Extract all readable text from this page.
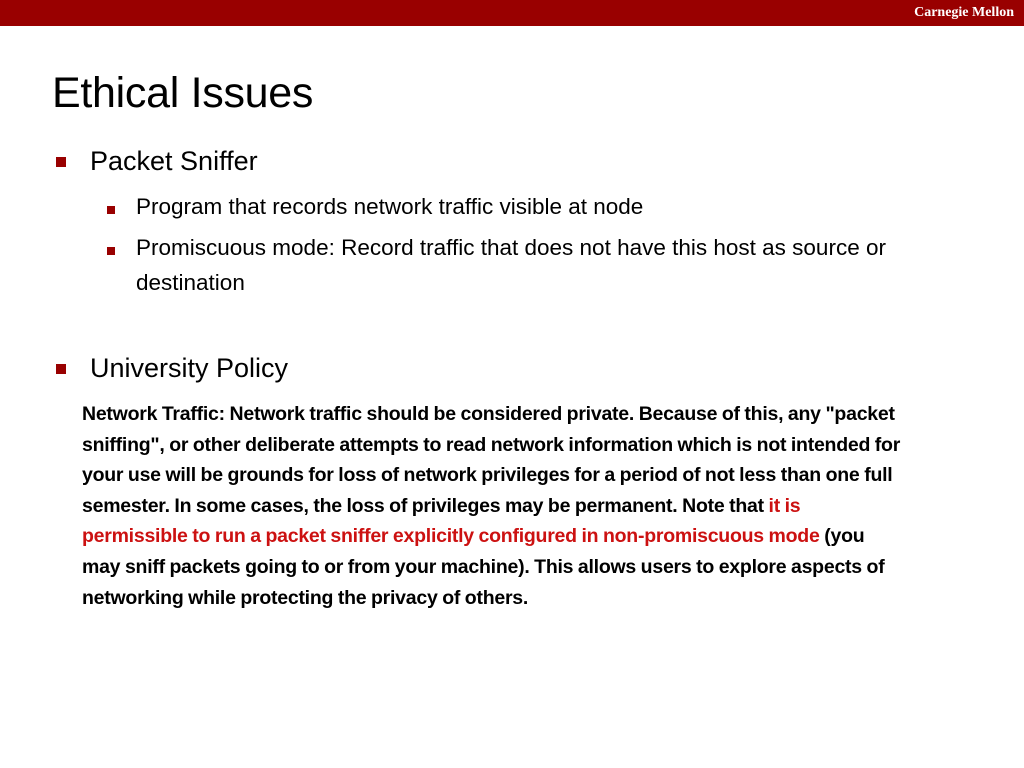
Carnegie Mellon
Ethical Issues
Packet Sniffer
Program that records network traffic visible at node
Promiscuous mode: Record traffic that does not have this host as source or destination
University Policy
Network Traffic: Network traffic should be considered private. Because of this, any "packet sniffing", or other deliberate attempts to read network information which is not intended for your use will be grounds for loss of network privileges for a period of not less than one full semester. In some cases, the loss of privileges may be permanent. Note that it is permissible to run a packet sniffer explicitly configured in non-promiscuous mode (you may sniff packets going to or from your machine). This allows users to explore aspects of networking while protecting the privacy of others.
